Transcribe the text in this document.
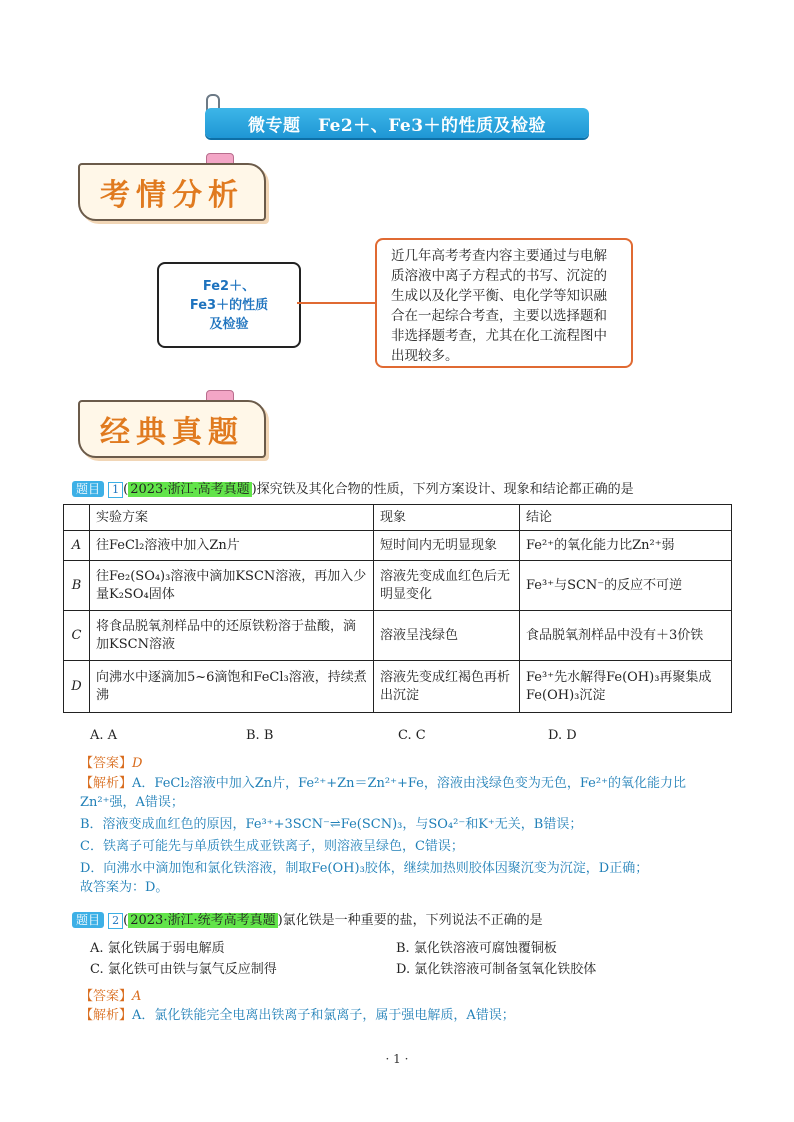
微专题　Fe2＋、Fe3＋的性质及检验
考情分析
Fe2＋、
Fe3＋的性质
及检验
近几年高考考查内容主要通过与电解
质溶液中离子方程式的书写、沉淀的
生成以及化学平衡、电化学等知识融
合在一起综合考查，主要以选择题和
非选择题考查，尤其在化工流程图中
出现较多。
经典真题
题目 1 ( 2023·浙江·高考真题 )探究铁及其化合物的性质，下列方案设计、现象和结论都正确的是
	实验方案	现象	结论
A	往FeCl₂溶液中加入Zn片	短时间内无明显现象	Fe²⁺的氧化能力比Zn²⁺弱
B	往Fe₂(SO₄)₃溶液中滴加KSCN溶液，再加入少量K₂SO₄固体	溶液先变成血红色后无明显变化	Fe³⁺与SCN⁻的反应不可逆
C	将食品脱氧剂样品中的还原铁粉溶于盐酸，滴加KSCN溶液	溶液呈浅绿色	食品脱氧剂样品中没有＋3价铁
D	向沸水中逐滴加5~6滴饱和FeCl₃溶液，持续煮沸	溶液先变成红褐色再析出沉淀	Fe³⁺先水解得Fe(OH)₃再聚集成Fe(OH)₃沉淀
A. A	B. B	C. C	D. D
【答案】D
【解析】A．FeCl₂溶液中加入Zn片，Fe²⁺+Zn＝Zn²⁺+Fe，溶液由浅绿色变为无色，Fe²⁺的氧化能力比
Zn²⁺强，A错误；
B．溶液变成血红色的原因，Fe³⁺+3SCN⁻⇌Fe(SCN)₃，与SO₄²⁻和K⁺无关，B错误；
C．铁离子可能先与单质铁生成亚铁离子，则溶液呈绿色，C错误；
D．向沸水中滴加饱和氯化铁溶液，制取Fe(OH)₃胶体，继续加热则胶体因聚沉变为沉淀，D正确；
故答案为：D。
题目 2 ( 2023·浙江·统考高考真题 )氯化铁是一种重要的盐，下列说法不正确的是
A. 氯化铁属于弱电解质	B. 氯化铁溶液可腐蚀覆铜板
C. 氯化铁可由铁与氯气反应制得	D. 氯化铁溶液可制备氢氧化铁胶体
【答案】A
【解析】A．氯化铁能完全电离出铁离子和氯离子，属于强电解质，A错误；
· 1 ·
